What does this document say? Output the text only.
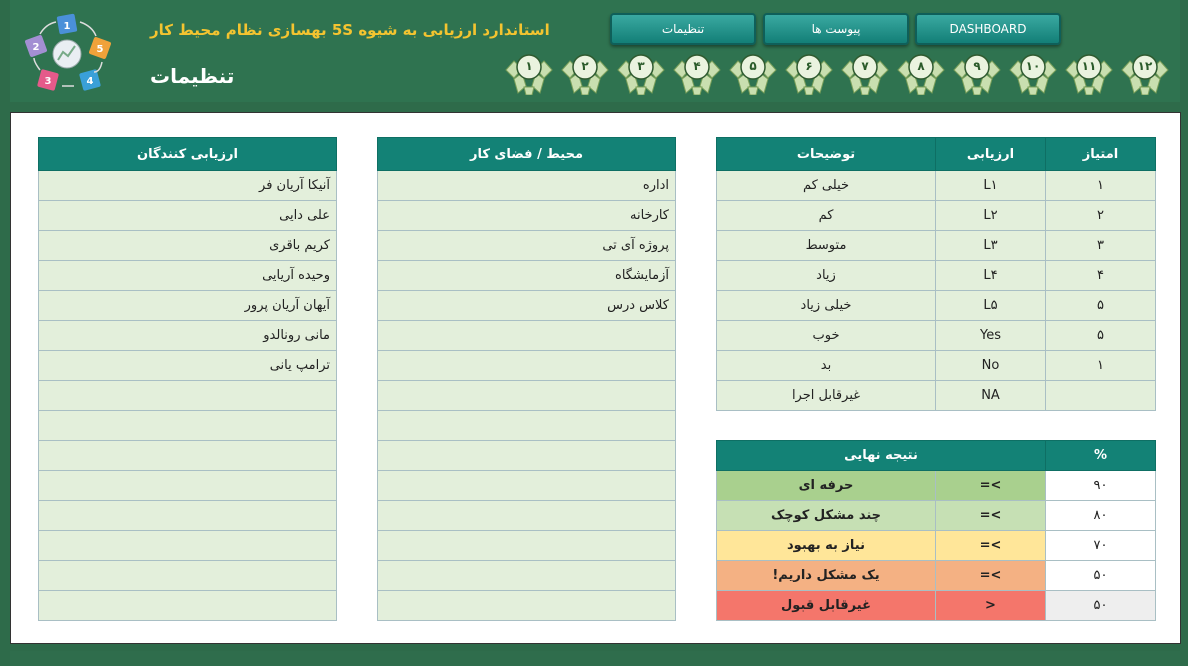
1
5
4
3
2
استاندارد ارزیابی به شیوه 5S بهسازی نظام محیط کار
تنظیمات
تنظیمات	پیوست ها	DASHBOARD
۱	۲	۳	۴	۵	۶	۷	۸	۹	۱۰	۱۱	۱۲
ارزیابی کنندگان
آنیکا آریان فر
علی دایی
کریم باقری
وحیده آریایی
آیهان آریان پرور
مانی رونالدو
ترامپ یانی

محیط / فضای کار
اداره
کارخانه
پروژه آی تی
آزمایشگاه
کلاس درس

امتیاز	ارزیابی	توضیحات
۱	L۱	خیلی کم
۲	L۲	کم
۳	L۳	متوسط
۴	L۴	زیاد
۵	L۵	خیلی زیاد
۵	Yes	خوب
۱	No	بد
	NA	غیرقابل اجرا
%	نتیجه نهایی	
۹۰	=<	حرفه ای
۸۰	=<	چند مشکل کوچک
۷۰	=<	نیاز به بهبود
۵۰	=<	یک مشکل داریم!
۵۰	>	غیرقابل قبول
